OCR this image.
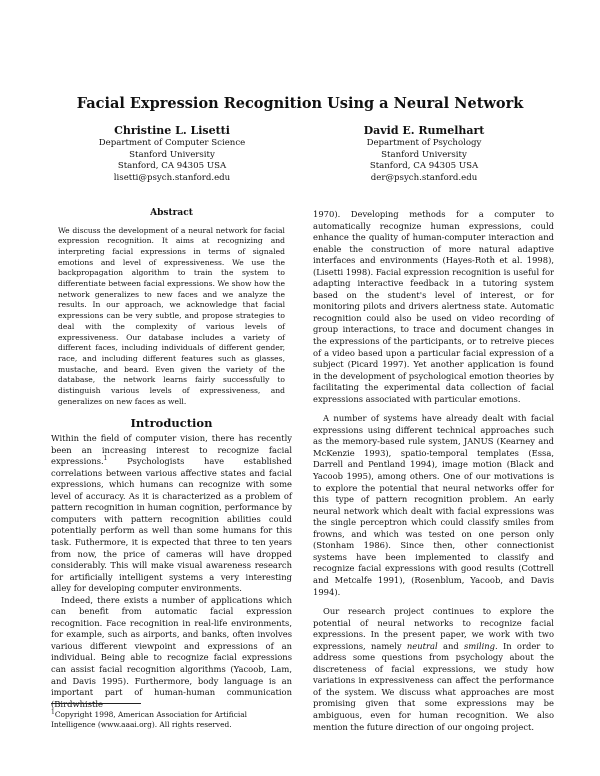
Facial Expression Recognition Using a Neural Network
Christine L. Lisetti
Department of Computer Science
Stanford University
Stanford, CA 94305 USA
lisetti@psych.stanford.edu
David E. Rumelhart
Department of Psychology
Stanford University
Stanford, CA 94305 USA
der@psych.stanford.edu
Abstract

We discuss the development of a neural network for facial expression recognition. It aims at recognizing and interpreting facial expressions in terms of signaled emotions and level of expressiveness. We use the backpropagation algorithm to train the system to differentiate between facial expressions. We show how the network generalizes to new faces and we analyze the results. In our approach, we acknowledge that facial expressions can be very subtle, and propose strategies to deal with the complexity of various levels of expressiveness. Our database includes a variety of different faces, including individuals of different gender, race, and including different features such as glasses, mustache, and beard. Even given the variety of the database, the network learns fairly successfully to distinguish various levels of expressiveness, and generalizes on new faces as well.

Introduction

Within the field of computer vision, there has recently been an increasing interest to recognize facial expressions.$^1$ Psychologists have established correlations between various affective states and facial expressions, which humans can recognize with some level of accuracy. As it is characterized as a problem of pattern recognition in human cognition, performance by computers with pattern recognition abilities could potentially perform as well than some humans for this task. Futhermore, it is expected that three to ten years from now, the price of cameras will have dropped considerably. This will make visual awareness research for artificially intelligent systems a very interesting alley for developing computer environments.

Indeed, there exists a number of applications which can benefit from automatic facial expression recognition. Face recognition in real-life environments, for example, such as airports, and banks, often involves various different viewpoint and expressions of an individual. Being able to recognize facial expressions can assist facial recognition algorithms (Yacoob, Lam, and Davis 1995). Furthermore, body language is an important part of human-human communication (Birdwhistle

1970). Developing methods for a computer to automatically recognize human expressions, could enhance the quality of human-computer interaction and enable the construction of more natural adaptive interfaces and environments (Hayes-Roth et al. 1998), (Lisetti 1998). Facial expression recognition is useful for adapting interactive feedback in a tutoring system based on the student's level of interest, or for monitoring pilots and drivers alertness state. Automatic recognition could also be used on video recording of group interactions, to trace and document changes in the expressions of the participants, or to retreive pieces of a video based upon a particular facial expression of a subject (Picard 1997). Yet another application is found in the development of psychological emotion theories by facilitating the experimental data collection of facial expressions associated with particular emotions.

A number of systems have already dealt with facial expressions using different technical approaches such as the memory-based rule system, JANUS (Kearney and McKenzie 1993), spatio-temporal templates (Essa, Darrell and Pentland 1994), image motion (Black and Yacoob 1995), among others. One of our motivations is to explore the potential that neural networks offer for this type of pattern recognition problem. An early neural network which dealt with facial expressions was the single perceptron which could classify smiles from frowns, and which was tested on one person only (Stonham 1986). Since then, other connectionist systems have been implemented to classify and recognize facial expressions with good results (Cottrell and Metcalfe 1991), (Rosenblum, Yacoob, and Davis 1994).

Our research project continues to explore the potential of neural networks to recognize facial expressions. In the present paper, we work with two expressions, namely neutral and smiling. In order to address some questions from psychology about the discreteness of facial expressions, we study how variations in expressiveness can affect the performance of the system. We discuss what approaches are most promising given that some expressions may be ambiguous, even for human recognition. We also mention the future direction of our ongoing project.

$^1$Copyright 1998, American Association for Artificial Intelligence (www.aaai.org). All rights reserved.
